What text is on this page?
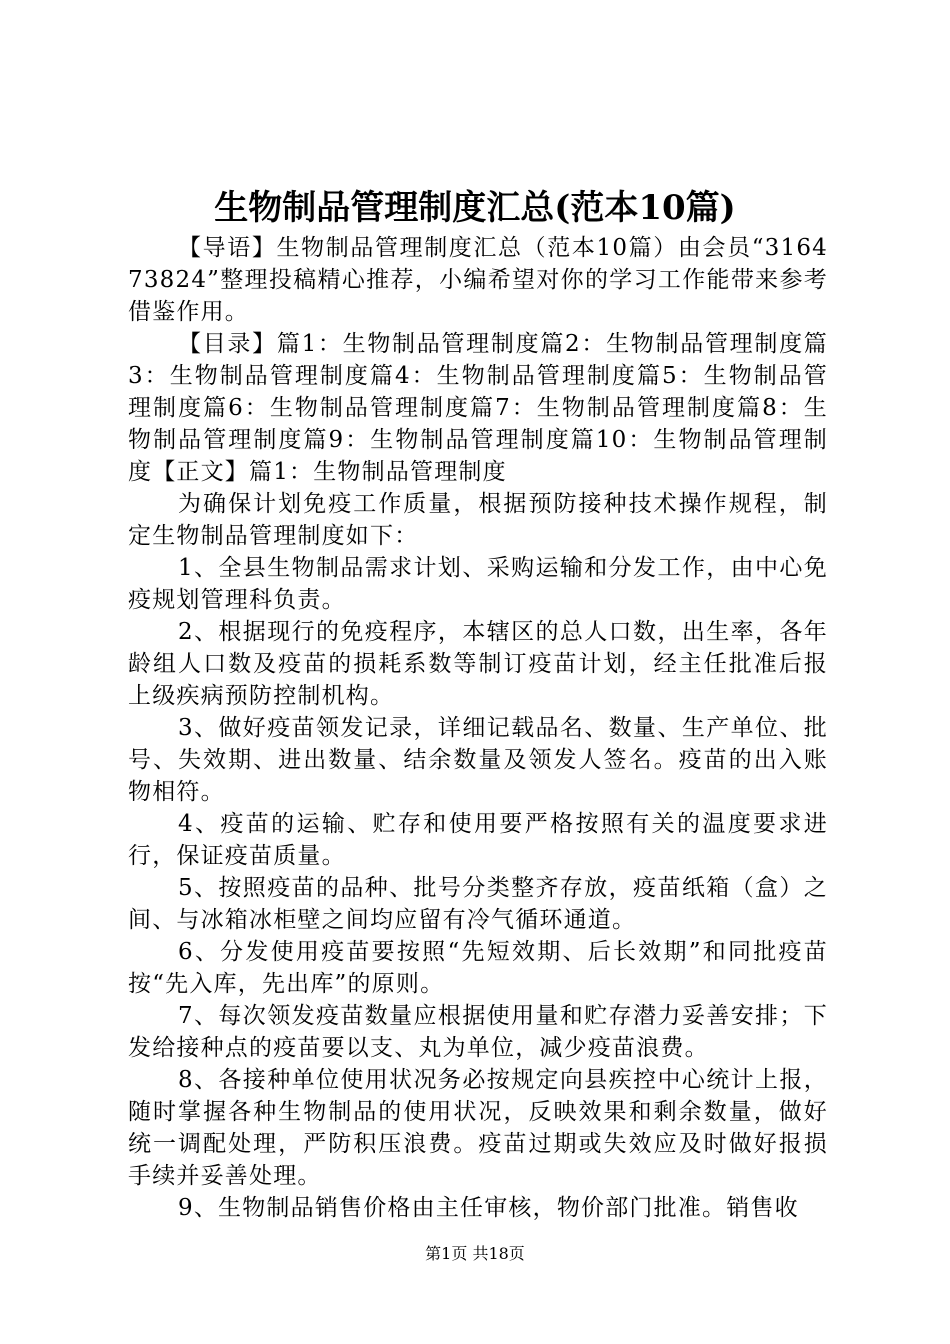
生物制品管理制度汇总(范本10篇)

【导语】生物制品管理制度汇总（范本10篇）由会员“316473824”整理投稿精心推荐，小编希望对你的学习工作能带来参考借鉴作用。

【目录】篇1：生物制品管理制度篇2：生物制品管理制度篇3：生物制品管理制度篇4：生物制品管理制度篇5：生物制品管理制度篇6：生物制品管理制度篇7：生物制品管理制度篇8：生物制品管理制度篇9：生物制品管理制度篇10：生物制品管理制度【正文】篇1：生物制品管理制度

为确保计划免疫工作质量，根据预防接种技术操作规程，制定生物制品管理制度如下：

1、全县生物制品需求计划、采购运输和分发工作，由中心免疫规划管理科负责。

2、根据现行的免疫程序，本辖区的总人口数，出生率，各年龄组人口数及疫苗的损耗系数等制订疫苗计划，经主任批准后报上级疾病预防控制机构。

3、做好疫苗领发记录，详细记载品名、数量、生产单位、批号、失效期、进出数量、结余数量及领发人签名。疫苗的出入账物相符。

4、疫苗的运输、贮存和使用要严格按照有关的温度要求进行，保证疫苗质量。

5、按照疫苗的品种、批号分类整齐存放，疫苗纸箱（盒）之间、与冰箱冰柜壁之间均应留有冷气循环通道。

6、分发使用疫苗要按照“先短效期、后长效期”和同批疫苗按“先入库，先出库”的原则。

7、每次领发疫苗数量应根据使用量和贮存潜力妥善安排；下发给接种点的疫苗要以支、丸为单位，减少疫苗浪费。

8、各接种单位使用状况务必按规定向县疾控中心统计上报，随时掌握各种生物制品的使用状况，反映效果和剩余数量，做好统一调配处理，严防积压浪费。疫苗过期或失效应及时做好报损手续并妥善处理。

9、生物制品销售价格由主任审核，物价部门批准。销售收

第1页 共18页
